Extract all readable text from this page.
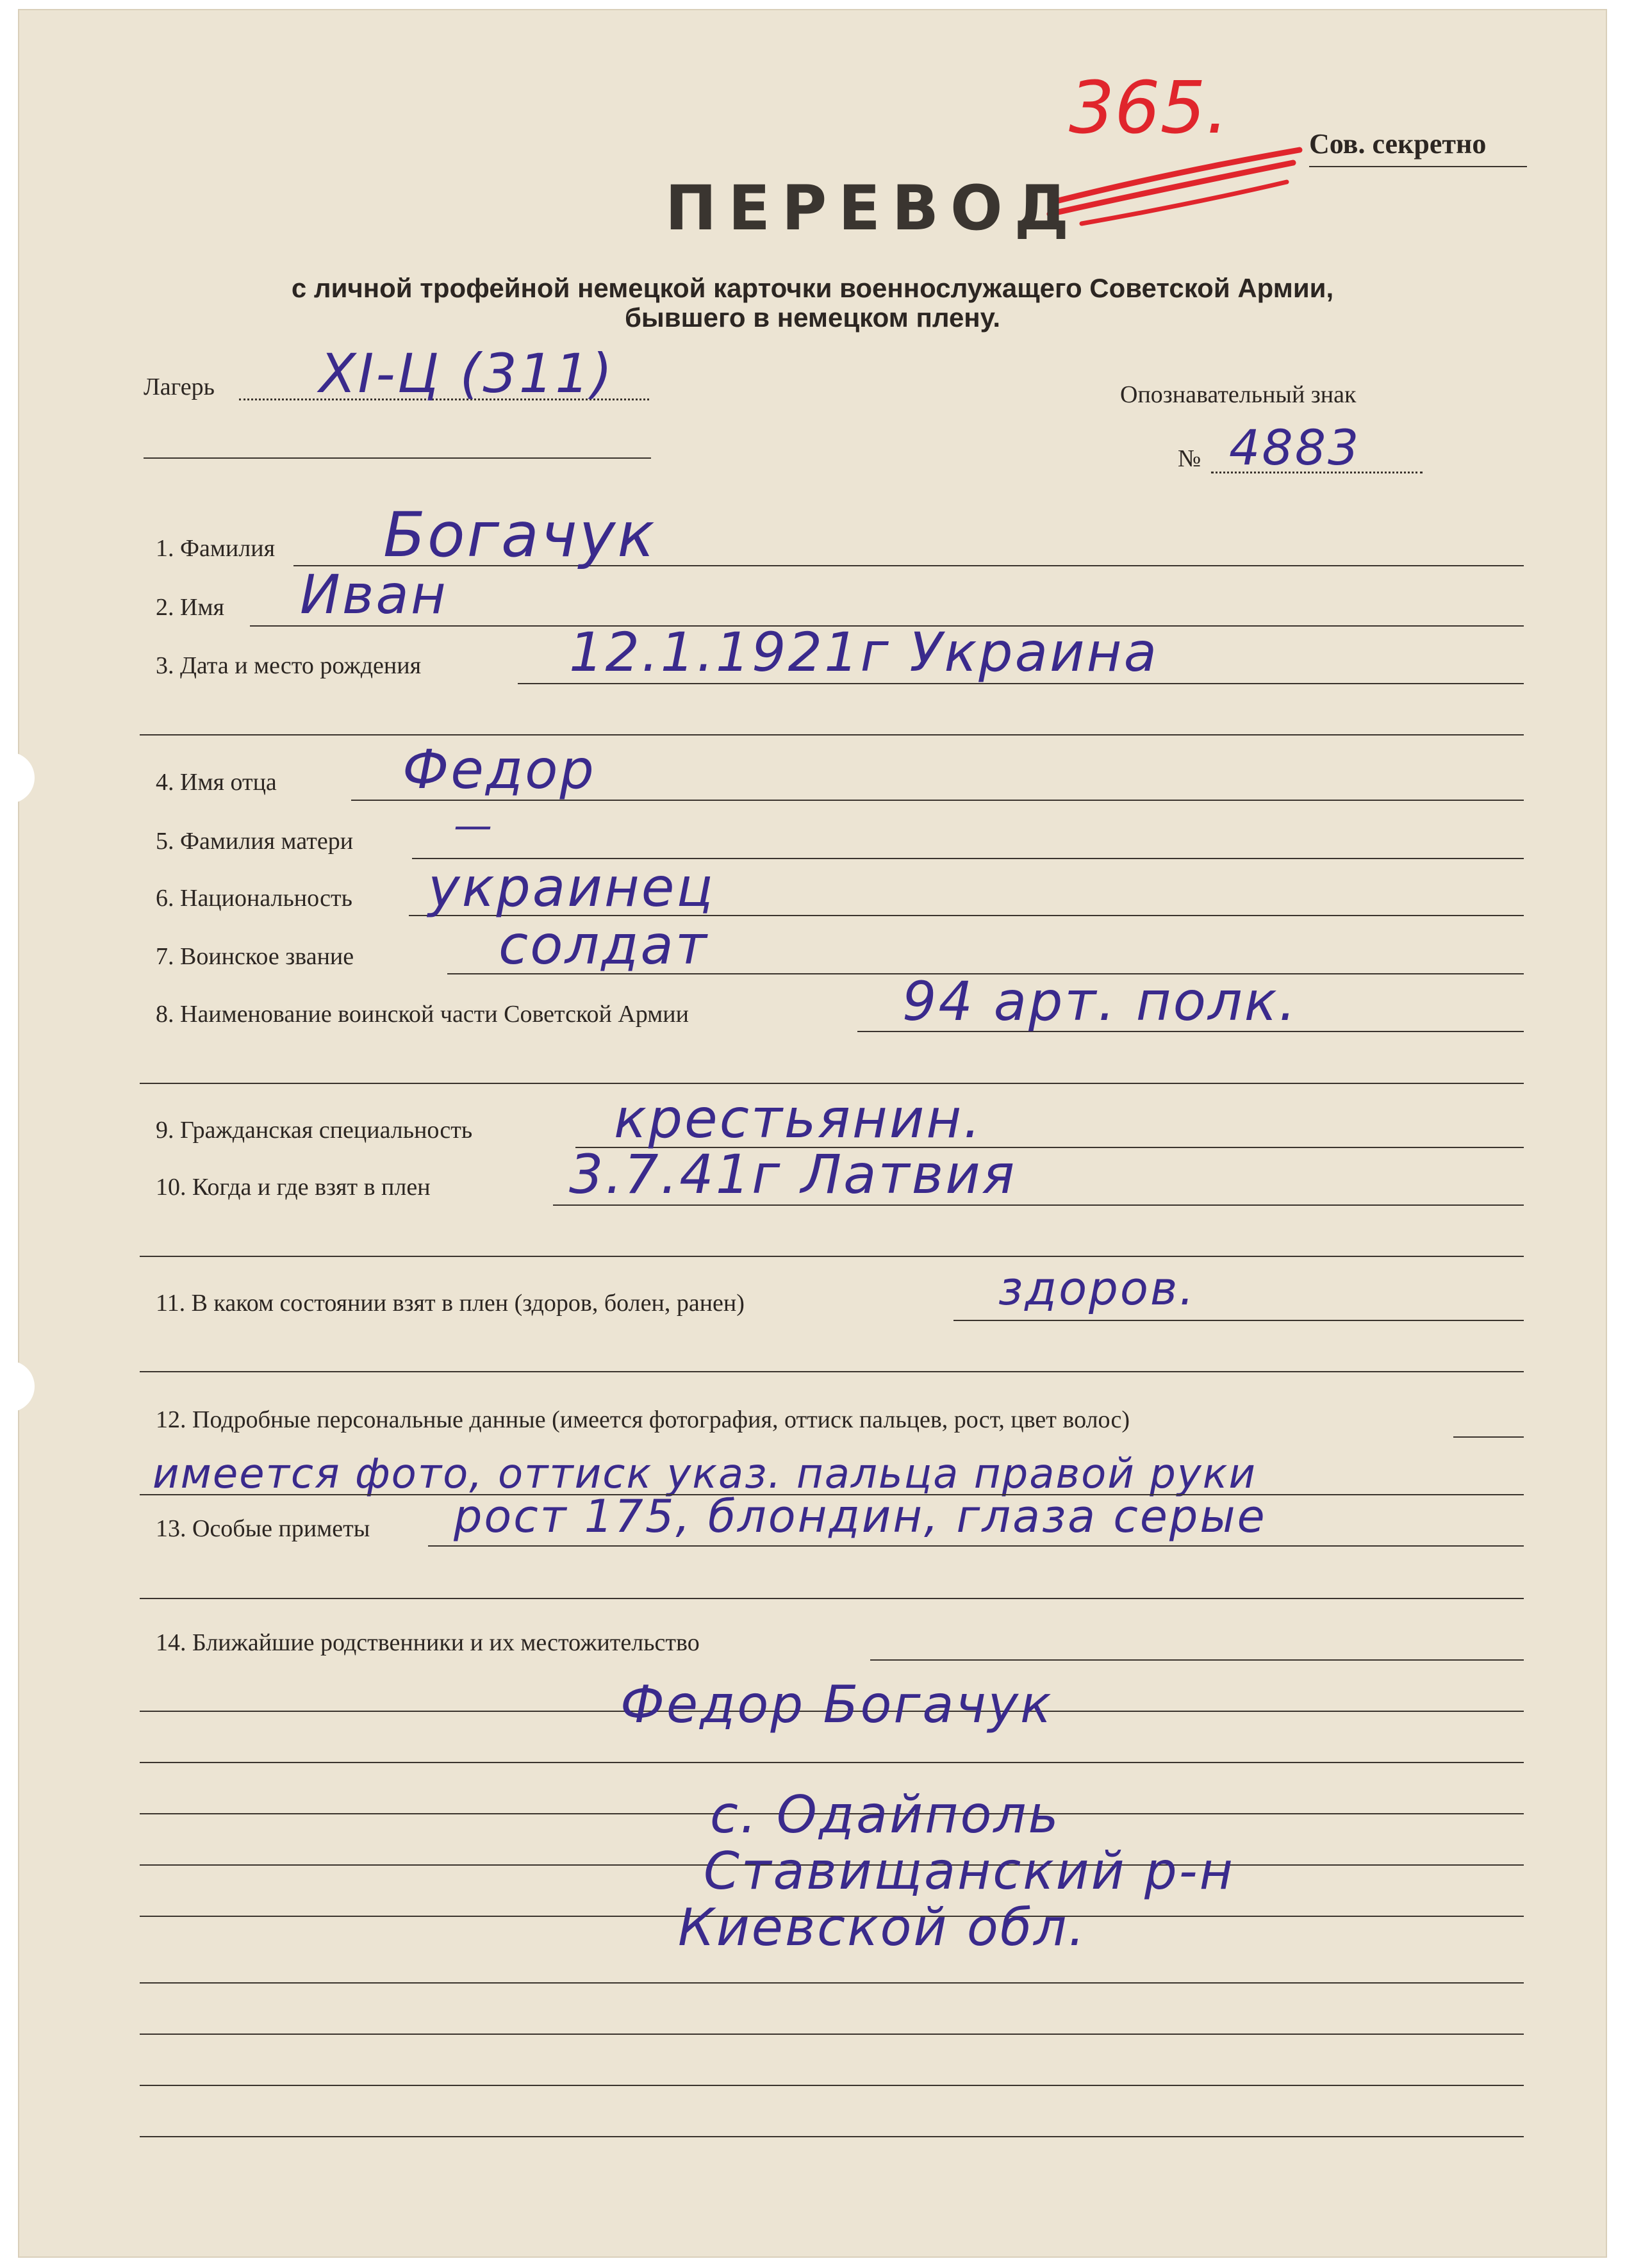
365.	Сов. секретно
ПЕРЕВОД
с личной трофейной немецкой карточки военнослужащего Советской Армии,
бывшего в немецком плену.
Лагерь XI-Ц (311)	Опознавательный знак
№ 4883
1. Фамилия Богачук
2. Имя Иван
3. Дата и место рождения	12.1.1921г Украина
4. Имя отца Федор
5. Фамилия матери	—
6. Национальность украинец
7. Воинское звание	солдат
8. Наименование воинской части Советской Армии	94 арт. полк.
9. Гражданская специальность	крестьянин.
10. Когда и где взят в плен	3.7.41г Латвия
11. В каком состоянии взят в плен (здоров, болен, ранен)	здоров.
12. Подробные персональные данные (имеется фотография, оттиск пальцев, рост, цвет волос)
имеется фото, оттиск указ. пальца правой руки
13. Особые приметы рост 175, блондин, глаза серые
14. Ближайшие родственники и их местожительство
Федор Богачук
с. Одайполь
Ставищанский р-н
Киевской обл.
